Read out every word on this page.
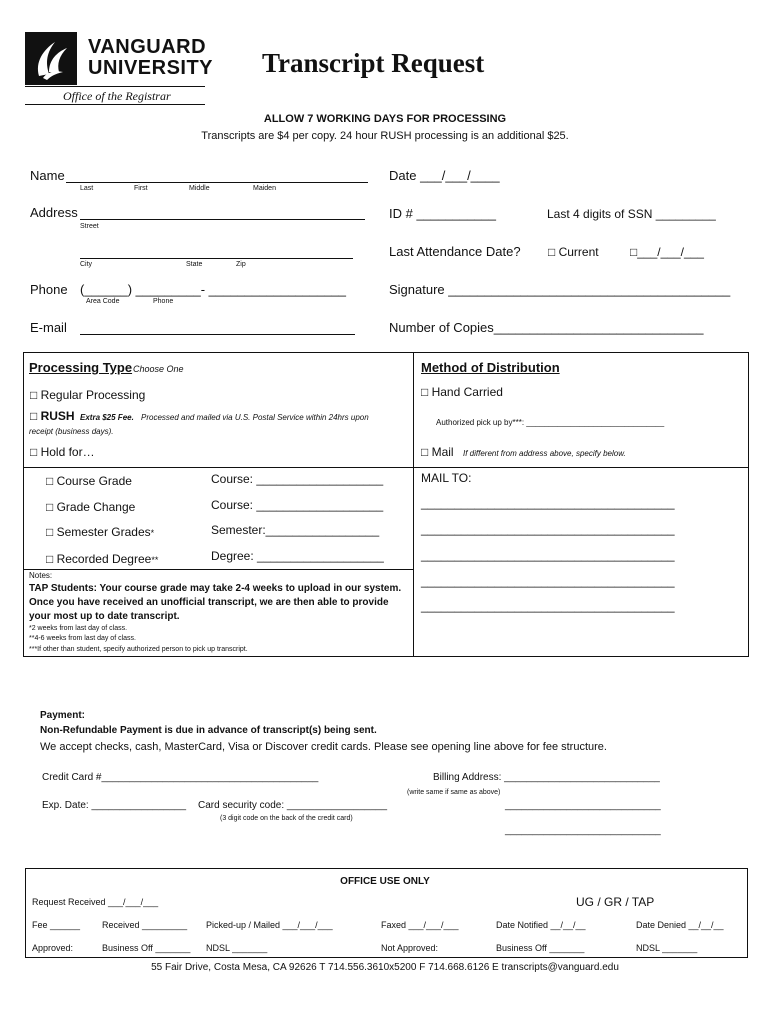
VANGUARD
UNIVERSITY
Office of the Registrar
Transcript Request
ALLOW 7 WORKING DAYS FOR PROCESSING
Transcripts are $4 per copy. 24 hour RUSH processing is an additional $25.
Name
Last	First	Middle	Maiden
Date ___/___/____
Address
Street
ID # ___________	Last 4 digits of SSN _________
City	State	Zip
Last Attendance Date? □ Current	□___/___/___
Phone (______) _________- ___________________
Area Code	Phone
Signature _______________________________________
E-mail	Number of Copies_____________________________
Processing Type Choose One
□ Regular Processing
□ RUSH Extra $25 Fee. Processed and mailed via U.S. Postal Service within 24hrs upon
receipt (business days).
□ Hold for…
□ Course Grade	Course: ___________________
□ Grade Change	Course: ___________________
□ Semester Grades*	Semester:_________________
□ Recorded Degree**	Degree: ___________________
Notes:
TAP Students: Your course grade may take 2-4 weeks to upload in our system.
Once you have received an unofficial transcript, we are then able to provide
your most up to date transcript.
*2 weeks from last day of class.
**4-6 weeks from last day of class.
***If other than student, specify authorized person to pick up transcript.
Method of Distribution
□ Hand Carried
Authorized pick up by***: _______________________________
□ Mail If different from address above, specify below.
MAIL TO:
______________________________________
______________________________________
______________________________________
______________________________________
______________________________________
Payment:
Non-Refundable Payment is due in advance of transcript(s) being sent.
We accept checks, cash, MasterCard, Visa or Discover credit cards. Please see opening line above for fee structure.
Credit Card #_______________________________________	Billing Address: ____________________________
(write same if same as above)
Exp. Date: _________________ Card security code: __________________	____________________________
(3 digit code on the back of the credit card)
____________________________
OFFICE USE ONLY
Request Received ___/___/___	UG / GR / TAP
Fee ______ Received _________ Picked-up / Mailed ___/___/___	Faxed ___/___/___	Date Notified __/__/__	Date Denied __/__/__
Approved:	Business Off _______ NDSL _______	Not Approved:	Business Off _______	NDSL _______
55 Fair Drive, Costa Mesa, CA 92626 T 714.556.3610x5200 F 714.668.6126 E transcripts@vanguard.edu
